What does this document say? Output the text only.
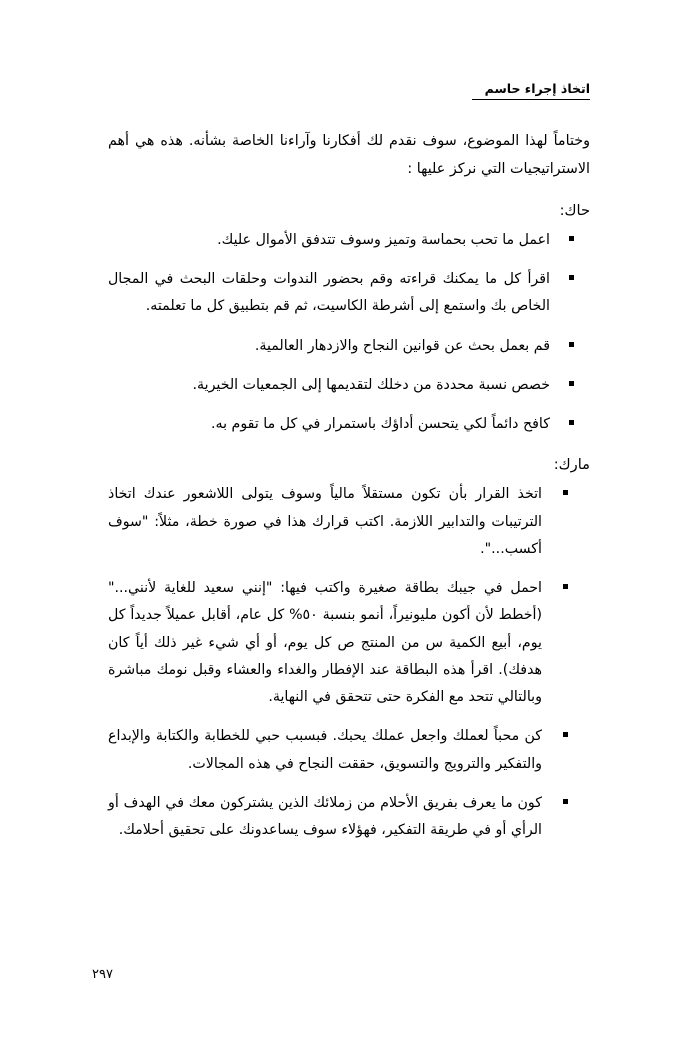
اتخاذ إجراء حاسم

وختاماً لهذا الموضوع، سوف نقدم لك أفكارنا وآراءنا الخاصة بشأنه. هذه هي أهم الاستراتيجيات التي نركز عليها :

حاك:
اعمل ما تحب بحماسة وتميز وسوف تتدفق الأموال عليك.
اقرأ كل ما يمكنك قراءته وقم بحضور الندوات وحلقات البحث في المجال الخاص بك واستمع إلى أشرطة الكاسيت، ثم قم بتطبيق كل ما تعلمته.
قم بعمل بحث عن قوانين النجاح والازدهار العالمية.
خصص نسبة محددة من دخلك لتقديمها إلى الجمعيات الخيرية.
كافح دائماً لكي يتحسن أداؤك باستمرار في كل ما تقوم به.
مارك:
اتخذ القرار بأن تكون مستقلاً مالياً وسوف يتولى اللاشعور عندك اتخاذ الترتيبات والتدابير اللازمة. اكتب قرارك هذا في صورة خطة، مثلاً: "سوف أكسب...".
احمل في جيبك بطاقة صغيرة واكتب فيها: "إنني سعيد للغاية لأنني..." (أخطط لأن أكون مليونيراً، أنمو بنسبة ٥٠% كل عام، أقابل عميلاً جديداً كل يوم، أبيع الكمية س من المنتج ص كل يوم، أو أي شيء غير ذلك أياً كان هدفك). اقرأ هذه البطاقة عند الإفطار والغداء والعشاء وقبل نومك مباشرة وبالتالي تتحد مع الفكرة حتى تتحقق في النهاية.
كن محباً لعملك واجعل عملك يحبك. فبسبب حبي للخطابة والكتابة والإبداع والتفكير والترويج والتسويق، حققت النجاح في هذه المجالات.
كون ما يعرف بفريق الأحلام من زملائك الذين يشتركون معك في الهدف أو الرأي أو في طريقة التفكير، فهؤلاء سوف يساعدونك على تحقيق أحلامك.
٢٩٧
